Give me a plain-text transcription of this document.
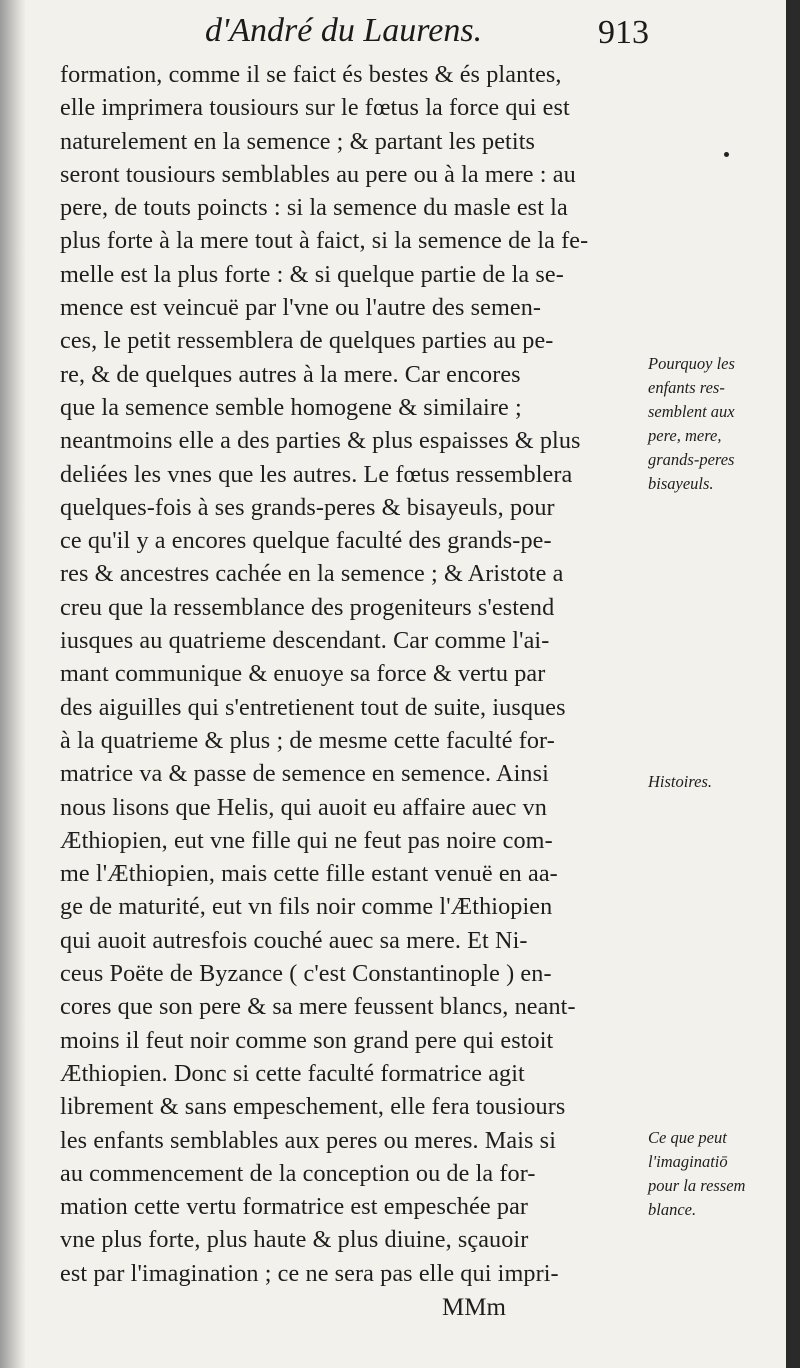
d'André du Laurens.	913
formation, comme il se faict és bestes & és plantes,
elle imprimera tousiours sur le fœtus la force qui est
naturelement en la semence ; & partant les petits
seront tousiours semblables au pere ou à la mere : au
pere, de touts poincts : si la semence du masle est la
plus forte à la mere tout à faict, si la semence de la fe-
melle est la plus forte : & si quelque partie de la se-
mence est veincuë par l'vne ou l'autre des semen-
ces, le petit ressemblera de quelques parties au pe-
re, & de quelques autres à la mere. Car encores
que la semence semble homogene & similaire ;
neantmoins elle a des parties & plus espaisses & plus
deliées les vnes que les autres. Le fœtus ressemblera
quelques-fois à ses grands-peres & bisayeuls, pour
ce qu'il y a encores quelque faculté des grands-pe-
res & ancestres cachée en la semence ; & Aristote a
creu que la ressemblance des progeniteurs s'estend
iusques au quatrieme descendant. Car comme l'ai-
mant communique & enuoye sa force & vertu par
des aiguilles qui s'entretienent tout de suite, iusques
à la quatrieme & plus ; de mesme cette faculté for-
matrice va & passe de semence en semence. Ainsi
nous lisons que Helis, qui auoit eu affaire auec vn
Æthiopien, eut vne fille qui ne feut pas noire com-
me l'Æthiopien, mais cette fille estant venuë en aa-
ge de maturité, eut vn fils noir comme l'Æthiopien
qui auoit autresfois couché auec sa mere. Et Ni-
ceus Poëte de Byzance ( c'est Constantinople ) en-
cores que son pere & sa mere feussent blancs, neant-
moins il feut noir comme son grand pere qui estoit
Æthiopien. Donc si cette faculté formatrice agit
librement & sans empeschement, elle fera tousiours
les enfants semblables aux peres ou meres. Mais si
au commencement de la conception ou de la for-
mation cette vertu formatrice est empeschée par
vne plus forte, plus haute & plus diuine, sçauoir
est par l'imagination ; ce ne sera pas elle qui impri-
Pourquoy les
enfants res-
semblent aux
pere, mere,
grands-peres
bisayeuls.
Histoires.
Ce que peut
l'imaginatiō
pour la ressem
blance.
MMm
